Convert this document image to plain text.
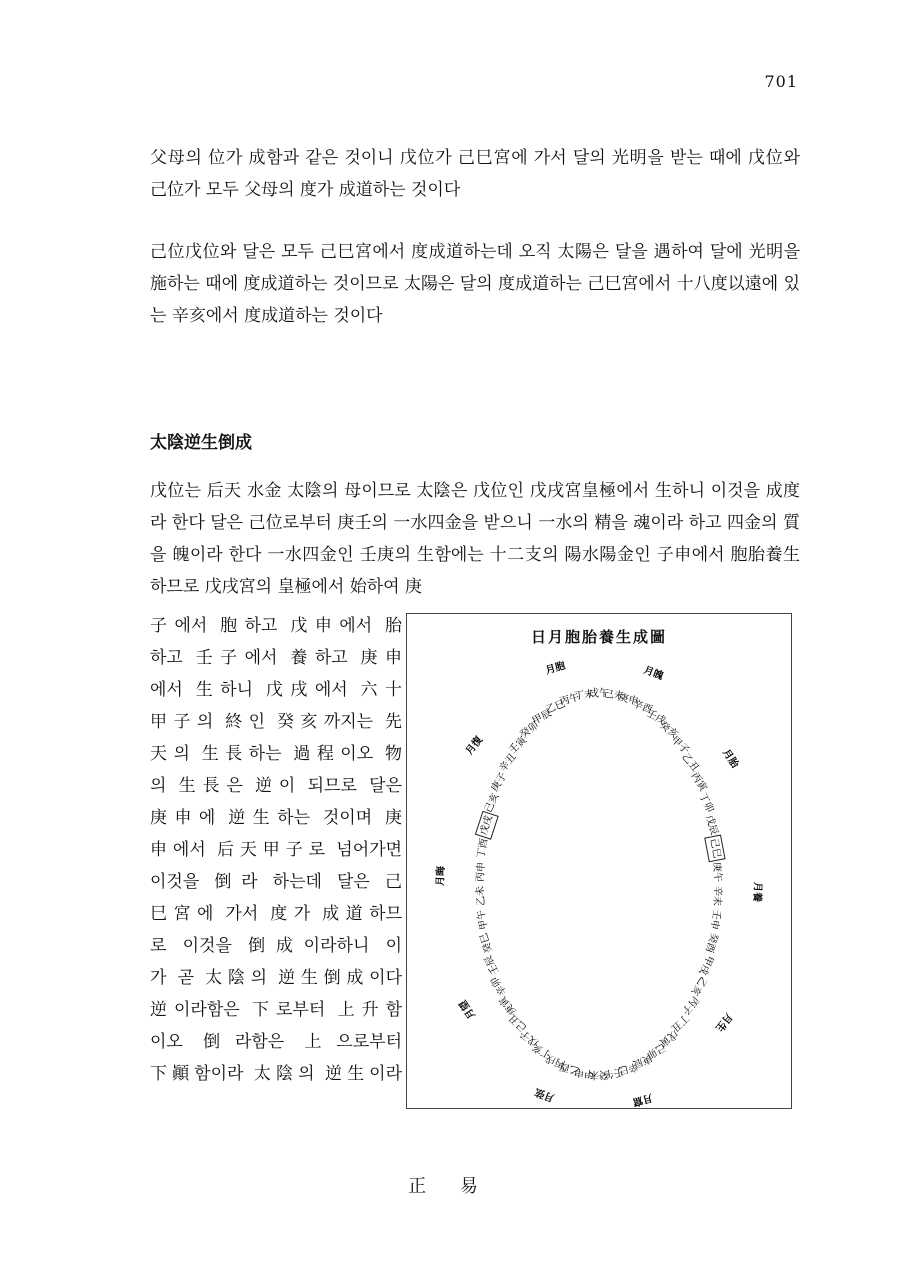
701

父母의 位가 成함과 같은 것이니 戊位가 己巳宮에 가서 달의 光明을 받는 때에 戊位와 己位가 모두 父母의 度가 成道하는 것이다

己位戊位와 달은 모두 己巳宮에서 度成道하는데 오직 太陽은 달을 遇하여 달에 光明을 施하는 때에 度成道하는 것이므로 太陽은 달의 度成道하는 己巳宮에서 十八度以遠에 있는 辛亥에서 度成道하는 것이다

太陰逆生倒成

戊位는 后天 水金 太陰의 母이므로 太陰은 戊位인 戊戌宮皇極에서 生하니 이것을 成度라 한다 달은 己位로부터 庚壬의 一水四金을 받으니 一水의 精을 魂이라 하고 四金의 質을 魄이라 한다 一水四金인 壬庚의 生함에는 十二支의 陽水陽金인 子申에서 胞胎養生하므로 戊戌宮의 皇極에서 始하여 庚

子에서 胞하고 戊申에서 胎
하고 壬子에서 養하고 庚申
에서 生하니 戊戌에서 六十
甲子의 終인 癸亥까지는 先
天의 生長하는 過程이오 物
의 生長은 逆이 되므로 달은
庚申에 逆生하는 것이며 庚
申에서 后天甲子로 넘어가면
이것을 倒라 하는데 달은 己
巳宮에 가서 度가 成道하므
로 이것을 倒成이라하니 이
가 곧 太陰의 逆生倒成이다
逆이라함은 下로부터 上升함
이오 倒라함은 上으로부터
下顚함이라 太陰의 逆生이라
日月胞胎養生成圖
戊午
己未
庚申
辛酉
壬戌
癸亥
甲子
乙丑
丙寅
丁卯
戊辰
己巳
庚午
辛未
壬申
癸酉
甲戌
乙亥
丙子
丁丑
戊寅
己卯
庚辰
辛巳
壬午
癸未
甲申
乙酉
丙戌
丁亥
戊子
己丑
庚寅
辛卯
壬辰
癸巳
甲午
乙未
丙申
丁酉
戊戌
己亥
庚子
辛丑
壬寅
癸卯
甲辰
乙巳
丙午
丁未
月魄
月胎
月養
月生
月窟
月弦
月望
月晦
月復
月胞
正 易
